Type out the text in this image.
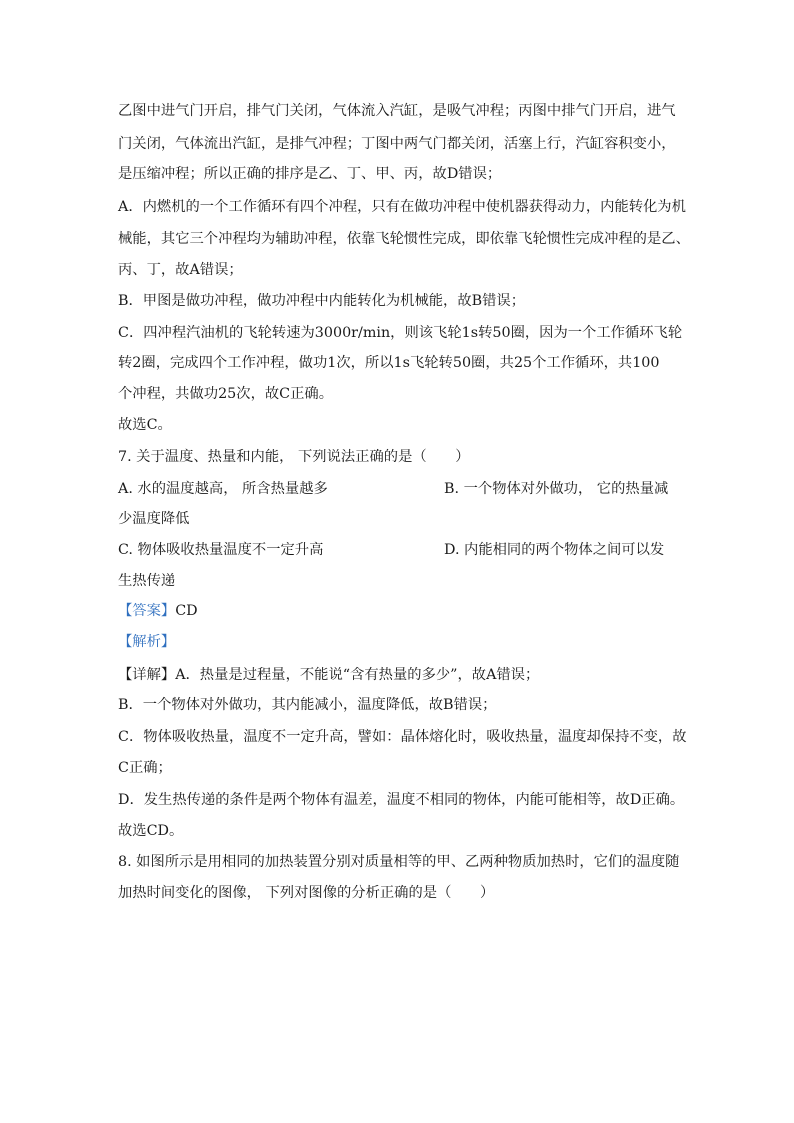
乙图中进气门开启，排气门关闭，气体流入汽缸，是吸气冲程；丙图中排气门开启，进气
门关闭，气体流出汽缸，是排气冲程；丁图中两气门都关闭，活塞上行，汽缸容积变小，
是压缩冲程；所以正确的排序是乙、丁、甲、丙，故D错误；
A．内燃机的一个工作循环有四个冲程，只有在做功冲程中使机器获得动力，内能转化为机
械能，其它三个冲程均为辅助冲程，依靠飞轮惯性完成，即依靠飞轮惯性完成冲程的是乙、
丙、丁，故A错误；
B．甲图是做功冲程，做功冲程中内能转化为机械能，故B错误；
C．四冲程汽油机的飞轮转速为3000r/min，则该飞轮1s转50圈，因为一个工作循环飞轮
转2圈，完成四个工作冲程，做功1次，所以1s飞轮转50圈，共25个工作循环，共100
个冲程，共做功25次，故C正确。
故选C。
7. 关于温度、热量和内能， 下列说法正确的是（　　）
A. 水的温度越高， 所含热量越多	B. 一个物体对外做功， 它的热量减
少温度降低
C. 物体吸收热量温度不一定升高	D. 内能相同的两个物体之间可以发
生热传递
【答案】CD
【解析】
【详解】A．热量是过程量，不能说“含有热量的多少”，故A错误；
B．一个物体对外做功，其内能减小，温度降低，故B错误；
C．物体吸收热量，温度不一定升高，譬如：晶体熔化时，吸收热量，温度却保持不变，故
C正确；
D．发生热传递的条件是两个物体有温差，温度不相同的物体，内能可能相等，故D正确。
故选CD。
8. 如图所示是用相同的加热装置分别对质量相等的甲、乙两种物质加热时，它们的温度随
加热时间变化的图像， 下列对图像的分析正确的是（　　）
